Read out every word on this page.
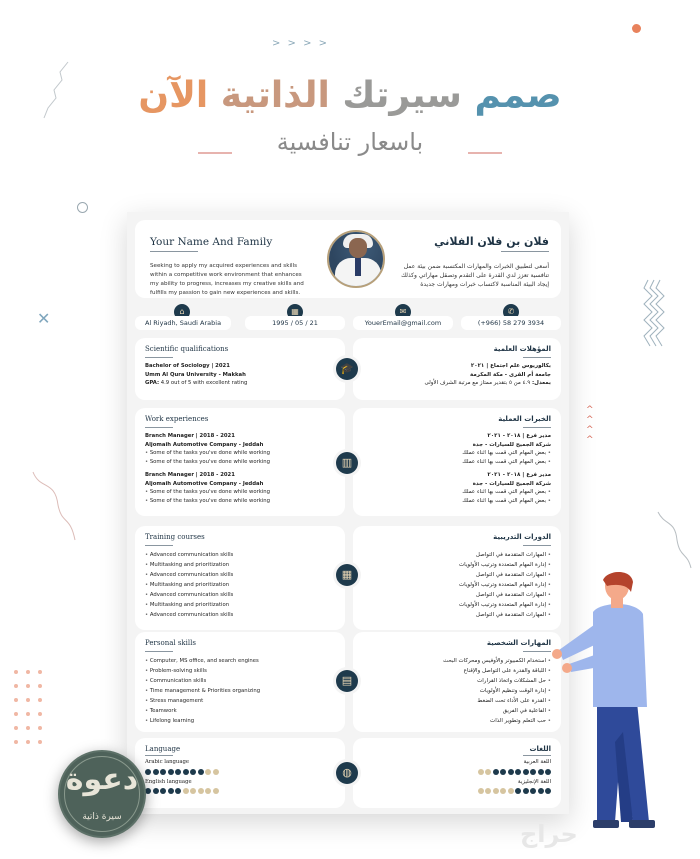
> > > >
✕
^
^
^
^
صمم سيرتك الذاتية الآن
باسعار تنافسية
Your Name And Family
Seeking to apply my acquired experiences and skills within a competitive work environment that enhances my ability to progress, increases my creative skills and fulfills my passion to gain new experiences and skills.
فلان بن فلان الفلاني
أسعى لتطبيق الخبرات والمهارات المكتسبة ضمن بيئة عمل تنافسية تعزز لدي القدرة على التقدم وتصقل مهاراتي وكذلك إيجاد البيئة المناسبة لاكتساب خبرات ومهارات جديدة
⌂
Al Riyadh, Saudi Arabia
▦
1995 / 05 / 21
✉
YouerEmail@gmail.com
✆
(+966) 58 279 3934
Scientific qualifications
Bachelor of Sociology | 2021
Umm Al Qura University - Makkah
GPA: 4.9 out of 5 with excellent rating
المؤهلات العلمية
بكالوريوس علم اجتماع | ٢٠٢١
جامعة أم القرى - مكة المكرمة
بمعدل: ٤.٩ من ٥ بتقدير ممتاز مع مرتبة الشرف الأولى
🎓
Work experiences
Branch Manager | 2018 - 2021
Aljomaih Automotive Company - Jeddah
• Some of the tasks you've done while working
• Some of the tasks you've done while working
Branch Manager | 2018 - 2021
Aljomaih Automotive Company - Jeddah
• Some of the tasks you've done while working
• Some of the tasks you've done while working
الخبرات العملية
مدير فرع | ٢٠١٨ - ٢٠٢١
شركة الجميح للسيارات - جدة
• بعض المهام التي قمت بها اثناء عملك
• بعض المهام التي قمت بها اثناء عملك
مدير فرع | ٢٠١٨ - ٢٠٢١
شركة الجميح للسيارات - جدة
• بعض المهام التي قمت بها اثناء عملك
• بعض المهام التي قمت بها اثناء عملك
▥
Training courses
• Advanced communication skills
• Multitasking and prioritization
• Advanced communication skills
• Multitasking and prioritization
• Advanced communication skills
• Multitasking and prioritization
• Advanced communication skills
الدورات التدريبية
• المهارات المتقدمة في التواصل
• إدارة المهام المتعددة وترتيب الأولويات
• المهارات المتقدمة في التواصل
• إدارة المهام المتعددة وترتيب الأولويات
• المهارات المتقدمة في التواصل
• إدارة المهام المتعددة وترتيب الأولويات
• المهارات المتقدمة في التواصل
▦
Personal skills
• Computer, MS office, and search engines
• Problem-solving skills
• Communication skills
• Time management & Priorities organizing
• Stress management
• Teamwork
• Lifelong learning
المهارات الشخصية
• استخدام الكمبيوتر والأوفيس ومحركات البحث
• اللباقة والقدرة على التواصل والإقناع
• حل المشكلات واتخاذ القرارات
• إدارة الوقت وتنظيم الأولويات
• القدرة على الأداء تحت الضغط
• الفاعلية في الفريق
• حب التعلم وتطوير الذات
▤
Language
Arabic language
English language
اللغات
اللغة العربية
اللغة الإنجليزية
◍
دعوة
سيرة ذاتية
حراج
